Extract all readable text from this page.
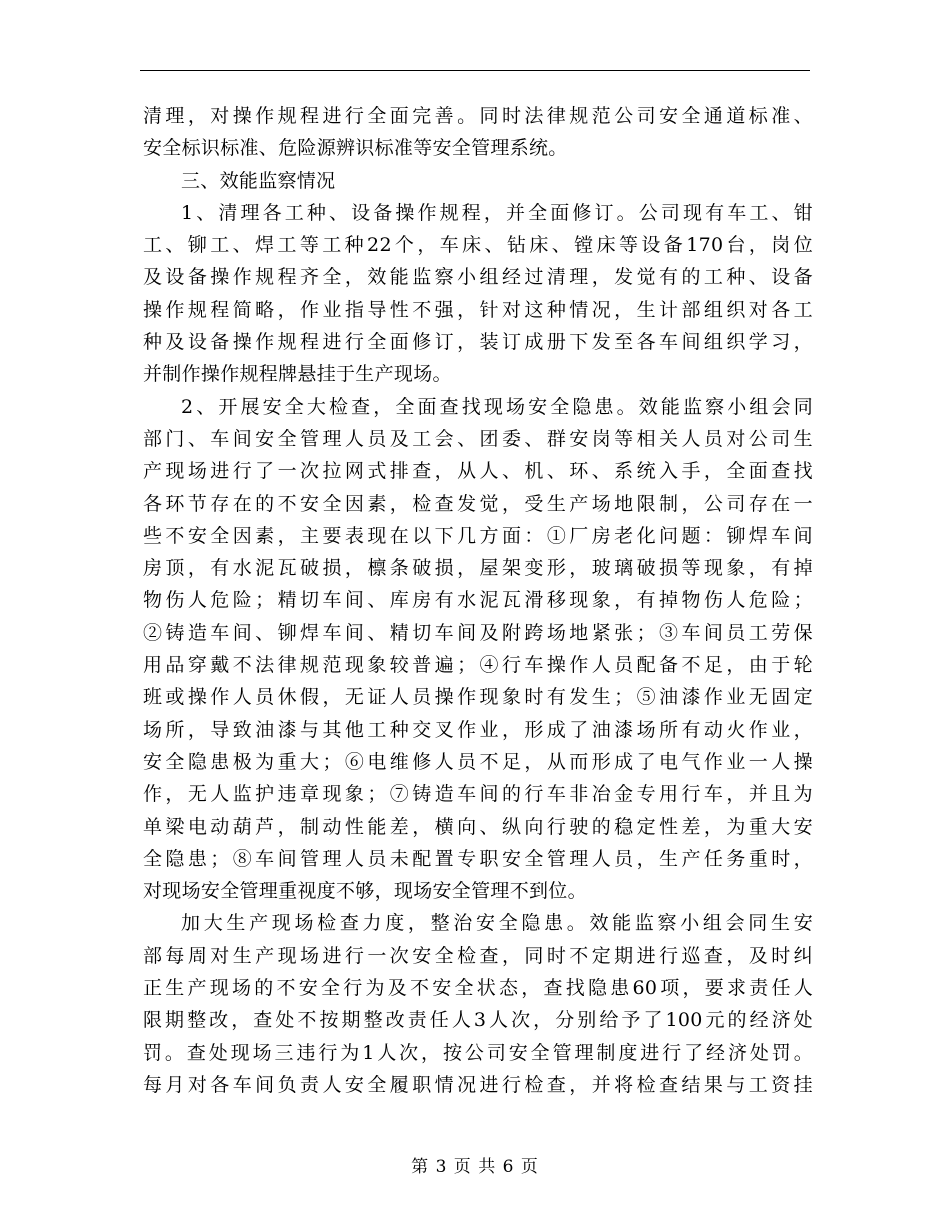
清理，对操作规程进行全面完善。同时法律规范公司安全通道标准、
安全标识标准、危险源辨识标准等安全管理系统。
三、效能监察情况
1、清理各工种、设备操作规程，并全面修订。公司现有车工、钳
工、铆工、焊工等工种22个，车床、钻床、镗床等设备170台，岗位
及设备操作规程齐全，效能监察小组经过清理，发觉有的工种、设备
操作规程简略，作业指导性不强，针对这种情况，生计部组织对各工
种及设备操作规程进行全面修订，装订成册下发至各车间组织学习，
并制作操作规程牌悬挂于生产现场。
2、开展安全大检查，全面查找现场安全隐患。效能监察小组会同
部门、车间安全管理人员及工会、团委、群安岗等相关人员对公司生
产现场进行了一次拉网式排查，从人、机、环、系统入手，全面查找
各环节存在的不安全因素，检查发觉，受生产场地限制，公司存在一
些不安全因素，主要表现在以下几方面：①厂房老化问题：铆焊车间
房顶，有水泥瓦破损，檩条破损，屋架变形，玻璃破损等现象，有掉
物伤人危险；精切车间、库房有水泥瓦滑移现象，有掉物伤人危险；
②铸造车间、铆焊车间、精切车间及附跨场地紧张；③车间员工劳保
用品穿戴不法律规范现象较普遍；④行车操作人员配备不足，由于轮
班或操作人员休假，无证人员操作现象时有发生；⑤油漆作业无固定
场所，导致油漆与其他工种交叉作业，形成了油漆场所有动火作业，
安全隐患极为重大；⑥电维修人员不足，从而形成了电气作业一人操
作，无人监护违章现象；⑦铸造车间的行车非冶金专用行车，并且为
单梁电动葫芦，制动性能差，横向、纵向行驶的稳定性差，为重大安
全隐患；⑧车间管理人员未配置专职安全管理人员，生产任务重时，
对现场安全管理重视度不够，现场安全管理不到位。
加大生产现场检查力度，整治安全隐患。效能监察小组会同生安
部每周对生产现场进行一次安全检查，同时不定期进行巡查，及时纠
正生产现场的不安全行为及不安全状态，查找隐患60项，要求责任人
限期整改，查处不按期整改责任人3人次，分别给予了100元的经济处
罚。查处现场三违行为1人次，按公司安全管理制度进行了经济处罚。
每月对各车间负责人安全履职情况进行检查，并将检查结果与工资挂
第 3 页 共 6 页
